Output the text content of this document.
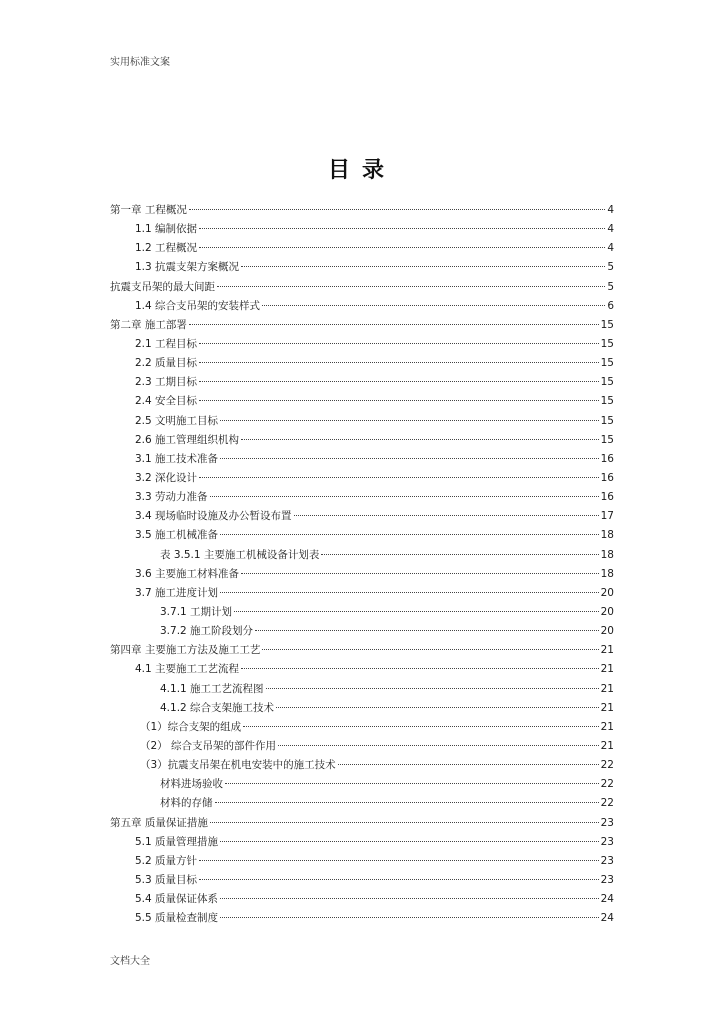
实用标准文案
目录
第一章 工程概况	4
1.1 编制依据	4
1.2 工程概况	4
1.3 抗震支架方案概况	5
抗震支吊架的最大间距	5
1.4 综合支吊架的安装样式	6
第二章 施工部署	15
2.1 工程目标	15
2.2 质量目标	15
2.3 工期目标	15
2.4 安全目标	15
2.5 文明施工目标	15
2.6 施工管理组织机构	15
3.1 施工技术准备	16
3.2 深化设计	16
3.3 劳动力准备	16
3.4 现场临时设施及办公暂设布置	17
3.5 施工机械准备	18
表 3.5.1 主要施工机械设备计划表	18
3.6 主要施工材料准备	18
3.7 施工进度计划	20
3.7.1 工期计划	20
3.7.2 施工阶段划分	20
第四章 主要施工方法及施工工艺	21
4.1 主要施工工艺流程	21
4.1.1 施工工艺流程图	21
4.1.2 综合支架施工技术	21
（1）综合支架的组成	21
（2） 综合支吊架的部件作用	21
（3）抗震支吊架在机电安装中的施工技术	22
材料进场验收	22
材料的存储	22
第五章 质量保证措施	23
5.1 质量管理措施	23
5.2 质量方针	23
5.3 质量目标	23
5.4 质量保证体系	24
5.5 质量检查制度	24
文档大全
